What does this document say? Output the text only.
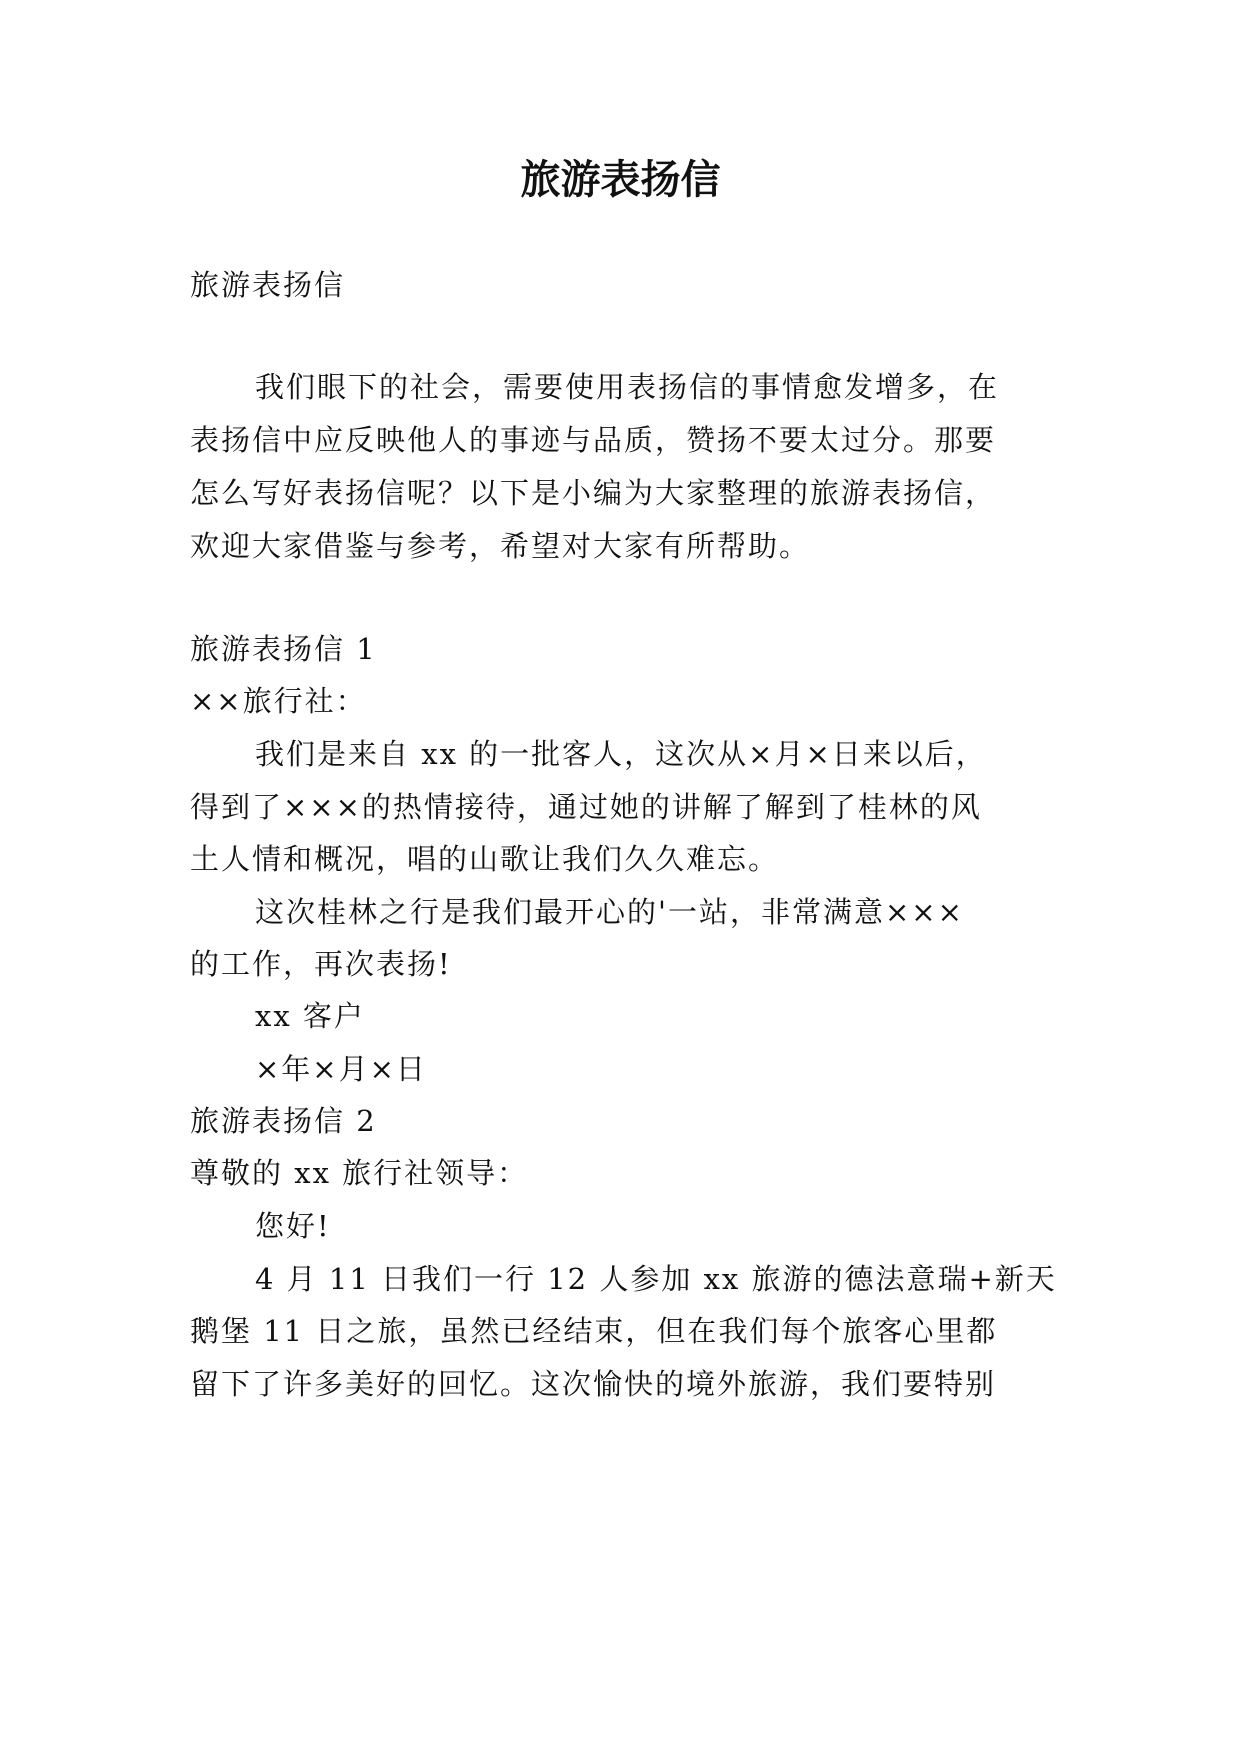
旅游表扬信
旅游表扬信
我们眼下的社会，需要使用表扬信的事情愈发增多，在
表扬信中应反映他人的事迹与品质，赞扬不要太过分。那要
怎么写好表扬信呢？以下是小编为大家整理的旅游表扬信，
欢迎大家借鉴与参考，希望对大家有所帮助。
旅游表扬信 1
××旅行社：
我们是来自 xx 的一批客人，这次从×月×日来以后，
得到了×××的热情接待，通过她的讲解了解到了桂林的风
土人情和概况，唱的山歌让我们久久难忘。
这次桂林之行是我们最开心的'一站，非常满意×××
的工作，再次表扬!
xx 客户
×年×月×日
旅游表扬信 2
尊敬的 xx 旅行社领导：
您好!
4 月 11 日我们一行 12 人参加 xx 旅游的德法意瑞+新天
鹅堡 11 日之旅，虽然已经结束，但在我们每个旅客心里都
留下了许多美好的回忆。这次愉快的境外旅游，我们要特别
